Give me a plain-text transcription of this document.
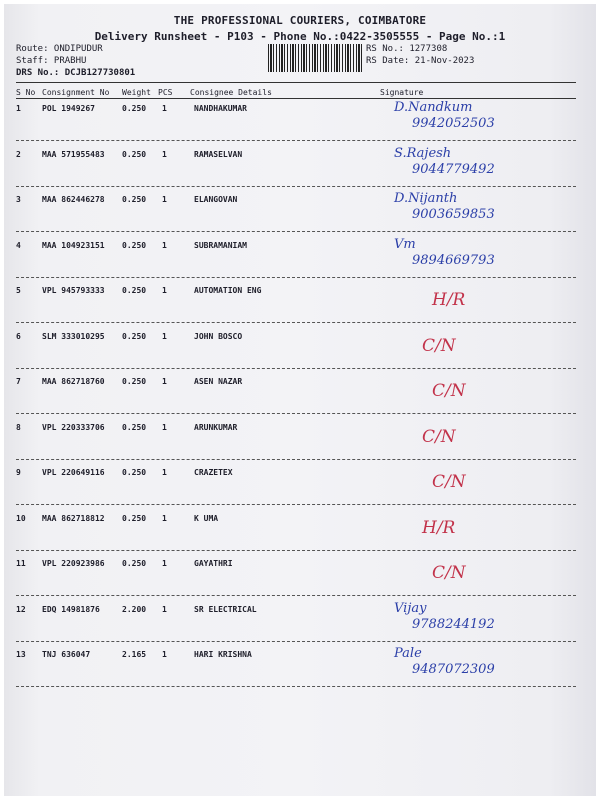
THE PROFESSIONAL COURIERS, COIMBATORE
Delivery Runsheet - P103 - Phone No.:0422-3505555 - Page No.:1
Route: ONDIPUDUR
Staff: PRABHU
DRS No.: DCJB127730801
RS No.: 1277308
RS Date: 21-Nov-2023
S No Consignment No Weight PCS Consignee Details	Signature
1	POL 1949267	0.250 1	NANDHAKUMAR	D.Nandkum
9942052503
2	MAA 571955483 0.250 1	RAMASELVAN	S.Rajesh
9044779492
3	MAA 862446278 0.250 1	ELANGOVAN	D.Nijanth
9003659853
4	MAA 104923151 0.250 1	SUBRAMANIAM	Vm
9894669793
5	VPL 945793333 0.250 1	AUTOMATION ENG	H/R
6	SLM 333010295 0.250 1	JOHN BOSCO	C/N
7	MAA 862718760 0.250 1	ASEN NAZAR	C/N
8	VPL 220333706 0.250 1	ARUNKUMAR	C/N
9	VPL 220649116 0.250 1	CRAZETEX	C/N
10 MAA 862718812 0.250 1	K UMA	H/R
11 VPL 220923986 0.250 1	GAYATHRI	C/N
12 EDQ 14981876	2.200 1	SR ELECTRICAL	Vijay
9788244192
13 TNJ 636047	2.165 1	HARI KRISHNA	Pale
9487072309
